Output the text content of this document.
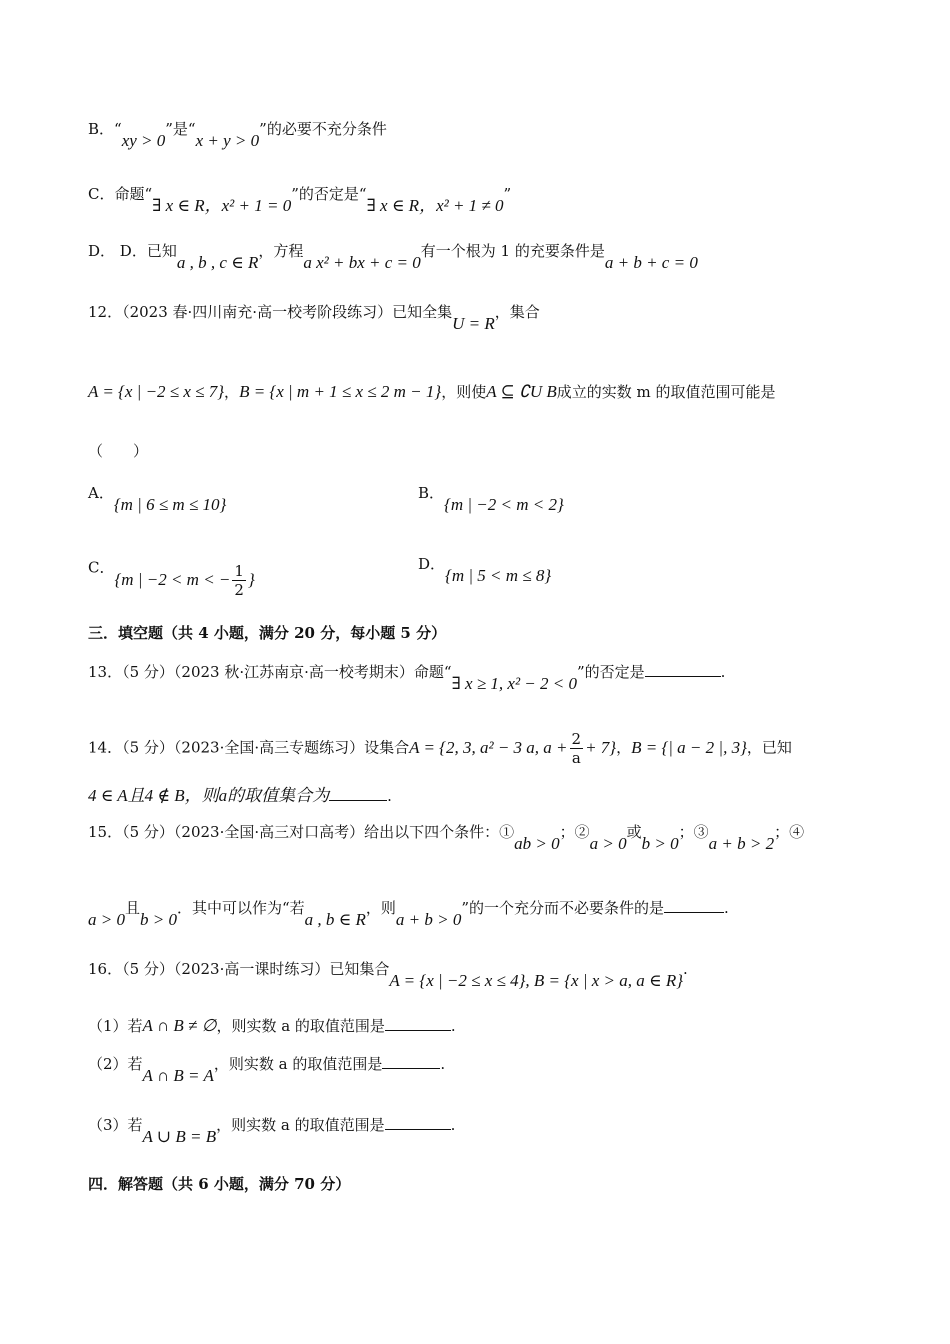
B．“xy > 0”是“x + y > 0”的必要不充分条件
C．命题“∃ x ∈ R，x² + 1 = 0”的否定是“∃ x ∈ R，x² + 1 ≠ 0”
D． D．已知a , b , c ∈ R，方程a x² + bx + c = 0有一个根为 1 的充要条件是a + b + c = 0
12．（2023 春·四川南充·高一校考阶段练习）已知全集U = R，集合
A = {x | −2 ≤ x ≤ 7}，B = {x | m + 1 ≤ x ≤ 2 m − 1}，则使A ⊆ ∁U B成立的实数 m 的取值范围可能是
（　　）
A．{m | 6 ≤ m ≤ 10}
B．{m | −2 < m < 2}
C．{m | −2 < m < − $\frac{1}{2}$ }
D．{m | 5 < m ≤ 8}
三．填空题（共 4 小题，满分 20 分，每小题 5 分）
13．（5 分）（2023 秋·江苏南京·高一校考期末）命题“∃ x ≥ 1, x² − 2 < 0”的否定是	.
14．（5 分）（2023·全国·高三专题练习）设集合A = {2, 3, a² − 3 a, $a + \frac{2}{a} + 7$}，B = {| a − 2 |, 3}，已知
4 ∈ A且4 ∉ B，则a的取值集合为	.
15．（5 分）（2023·全国·高三对口高考）给出以下四个条件：①ab > 0；②a > 0或b > 0；③a + b > 2；④
a > 0且b > 0．其中可以作为“若a , b ∈ R，则a + b > 0”的一个充分而不必要条件的是	.
16．（5 分）（2023·高一课时练习）已知集合A = {x | −2 ≤ x ≤ 4}, B = {x | x > a, a ∈ R}.
（1）若A ∩ B ≠ ∅，则实数 a 的取值范围是	.
（2）若A ∩ B = A，则实数 a 的取值范围是	.
（3）若A ∪ B = B，则实数 a 的取值范围是	.
四．解答题（共 6 小题，满分 70 分）
